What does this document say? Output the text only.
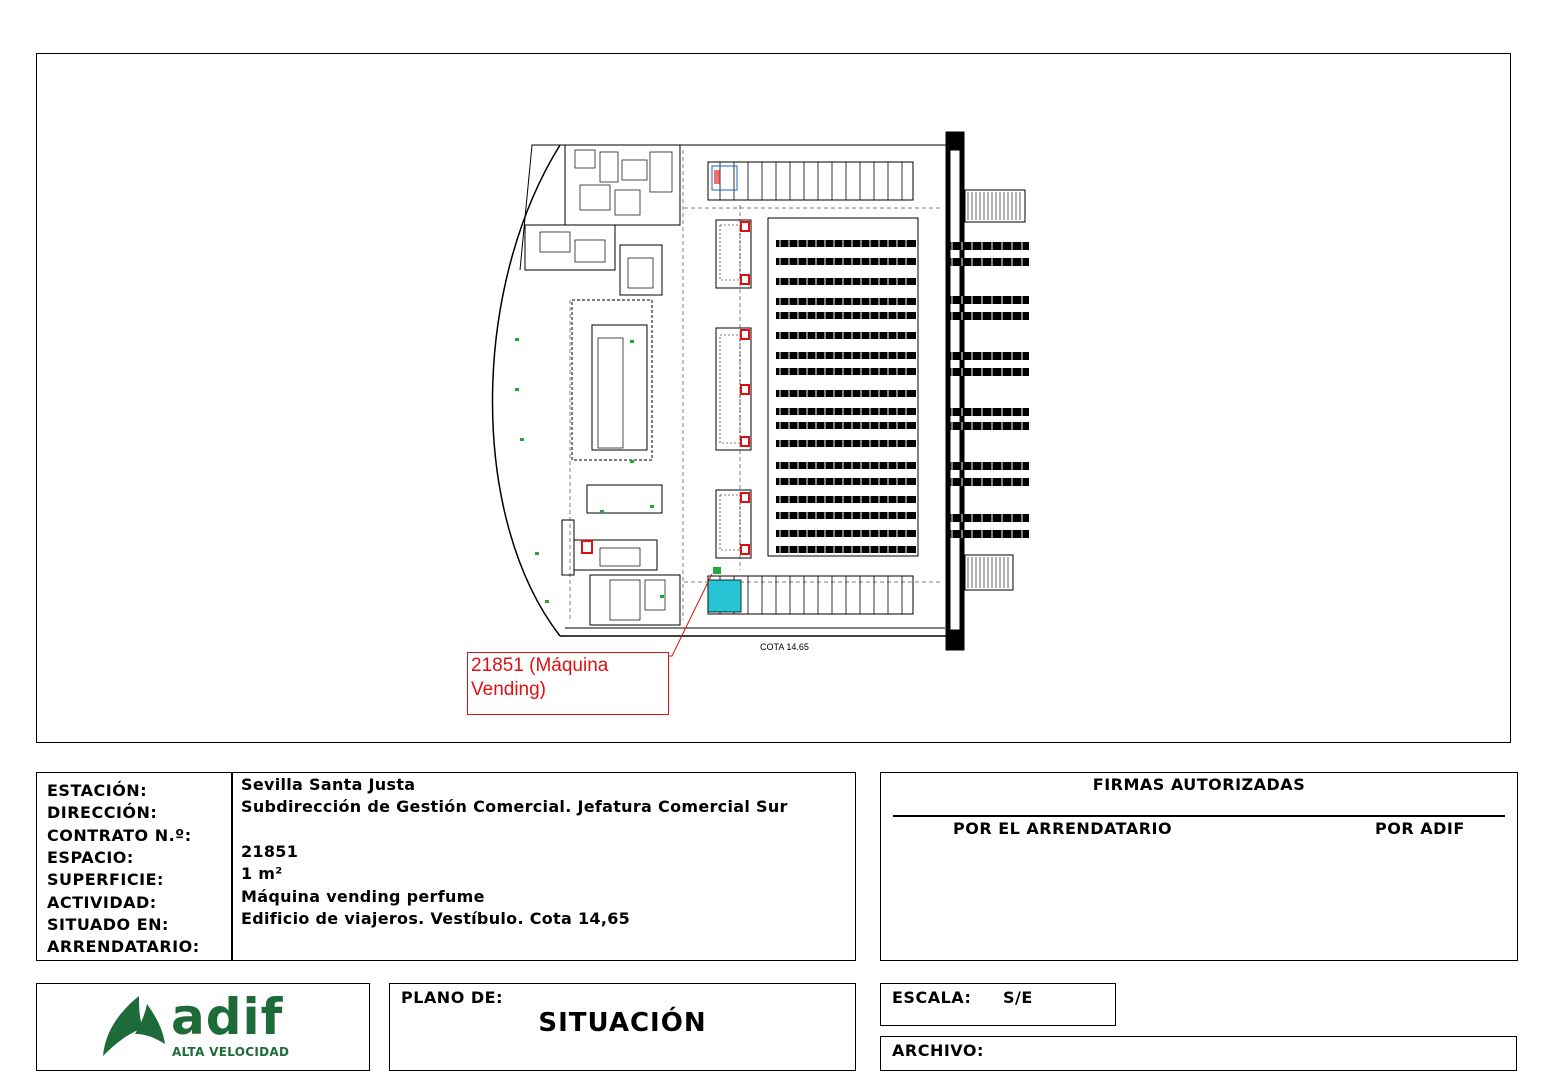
COTA 14.65
21851 (Máquina
Vending)
ESTACIÓN:
DIRECCIÓN:
CONTRATO N.º:
ESPACIO:
SUPERFICIE:
ACTIVIDAD:
SITUADO EN:
ARRENDATARIO:
Sevilla Santa Justa
Subdirección de Gestión Comercial. Jefatura Comercial Sur
21851
1 m²
Máquina vending perfume
Edificio de viajeros. Vestíbulo. Cota 14,65
FIRMAS AUTORIZADAS
POR EL ARRENDATARIO	POR ADIF
adif
ALTA VELOCIDAD
PLANO DE:
SITUACIÓN
ESCALA: S/E
ARCHIVO:
